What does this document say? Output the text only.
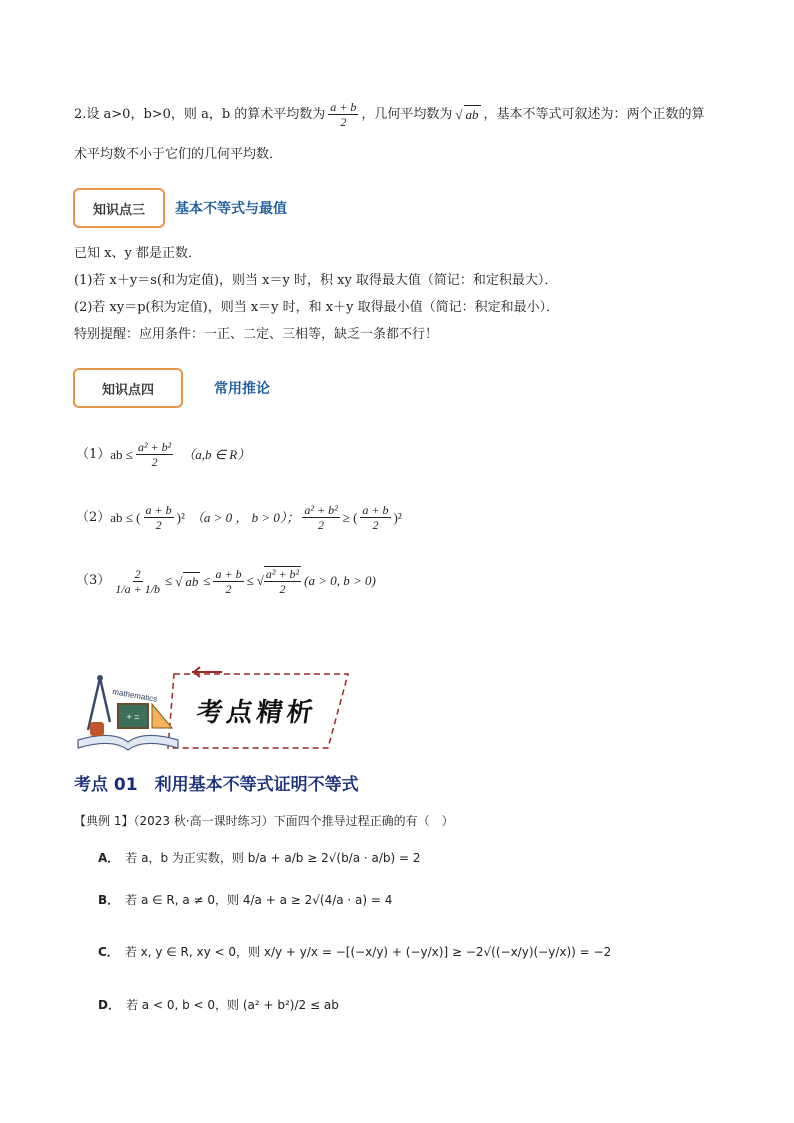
2.设 a>0，b>0，则 a，b 的算术平均数为 $\frac{a + b}{2}$ ，几何平均数为 √ ab ，基本不等式可叙述为：两个正数的算
术平均数不小于它们的几何平均数．
知识点三	基本不等式与最值
已知 x、y 都是正数．
(1)若 x＋y＝s(和为定值)，则当 x＝y 时，积 xy 取得最大值（简记：和定积最大）．
(2)若 xy＝p(积为定值)，则当 x＝y 时，和 x＋y 取得最小值（简记：积定和最小）．
特别提醒：应用条件：一正、二定、三相等，缺乏一条都不行！
知识点四	常用推论
（1） ab ≤ $\frac{\text{a² + b²}}{2} (a,b$ ∈ R）
（2） ab ≤ ( $\frac{a + b}{2} )^2$ （a > 0 ， b > 0）； $\frac{\text{a² + b²}}{2}$ ≥ ( $\frac{a + b}{2} )^2$
$(3) \frac{2}{1/a + 1/b}$ ≤ √ ab ≤ $\frac{a + b}{2}$ ≤ √ $\frac{\text{a² + b²}}{2} (a > 0$, b > 0)
+ =
mathematics
考点精析
考点 01　利用基本不等式证明不等式
【典例 1】（2023 秋·高一课时练习）下面四个推导过程正确的有（　）
A． 若 a，b 为正实数，则 b/a + a/b ≥ 2√(b/a · a/b) = 2
B． 若 a ∈ R, a ≠ 0，则 4/a + a ≥ 2√(4/a · a) = 4
C． 若 x, y ∈ R, xy < 0，则 x/y + y/x = −[(−x/y) + (−y/x)] ≥ −2√((−x/y)(−y/x)) = −2
D． 若 a < 0, b < 0，则 (a² + b²)/2 ≤ ab
